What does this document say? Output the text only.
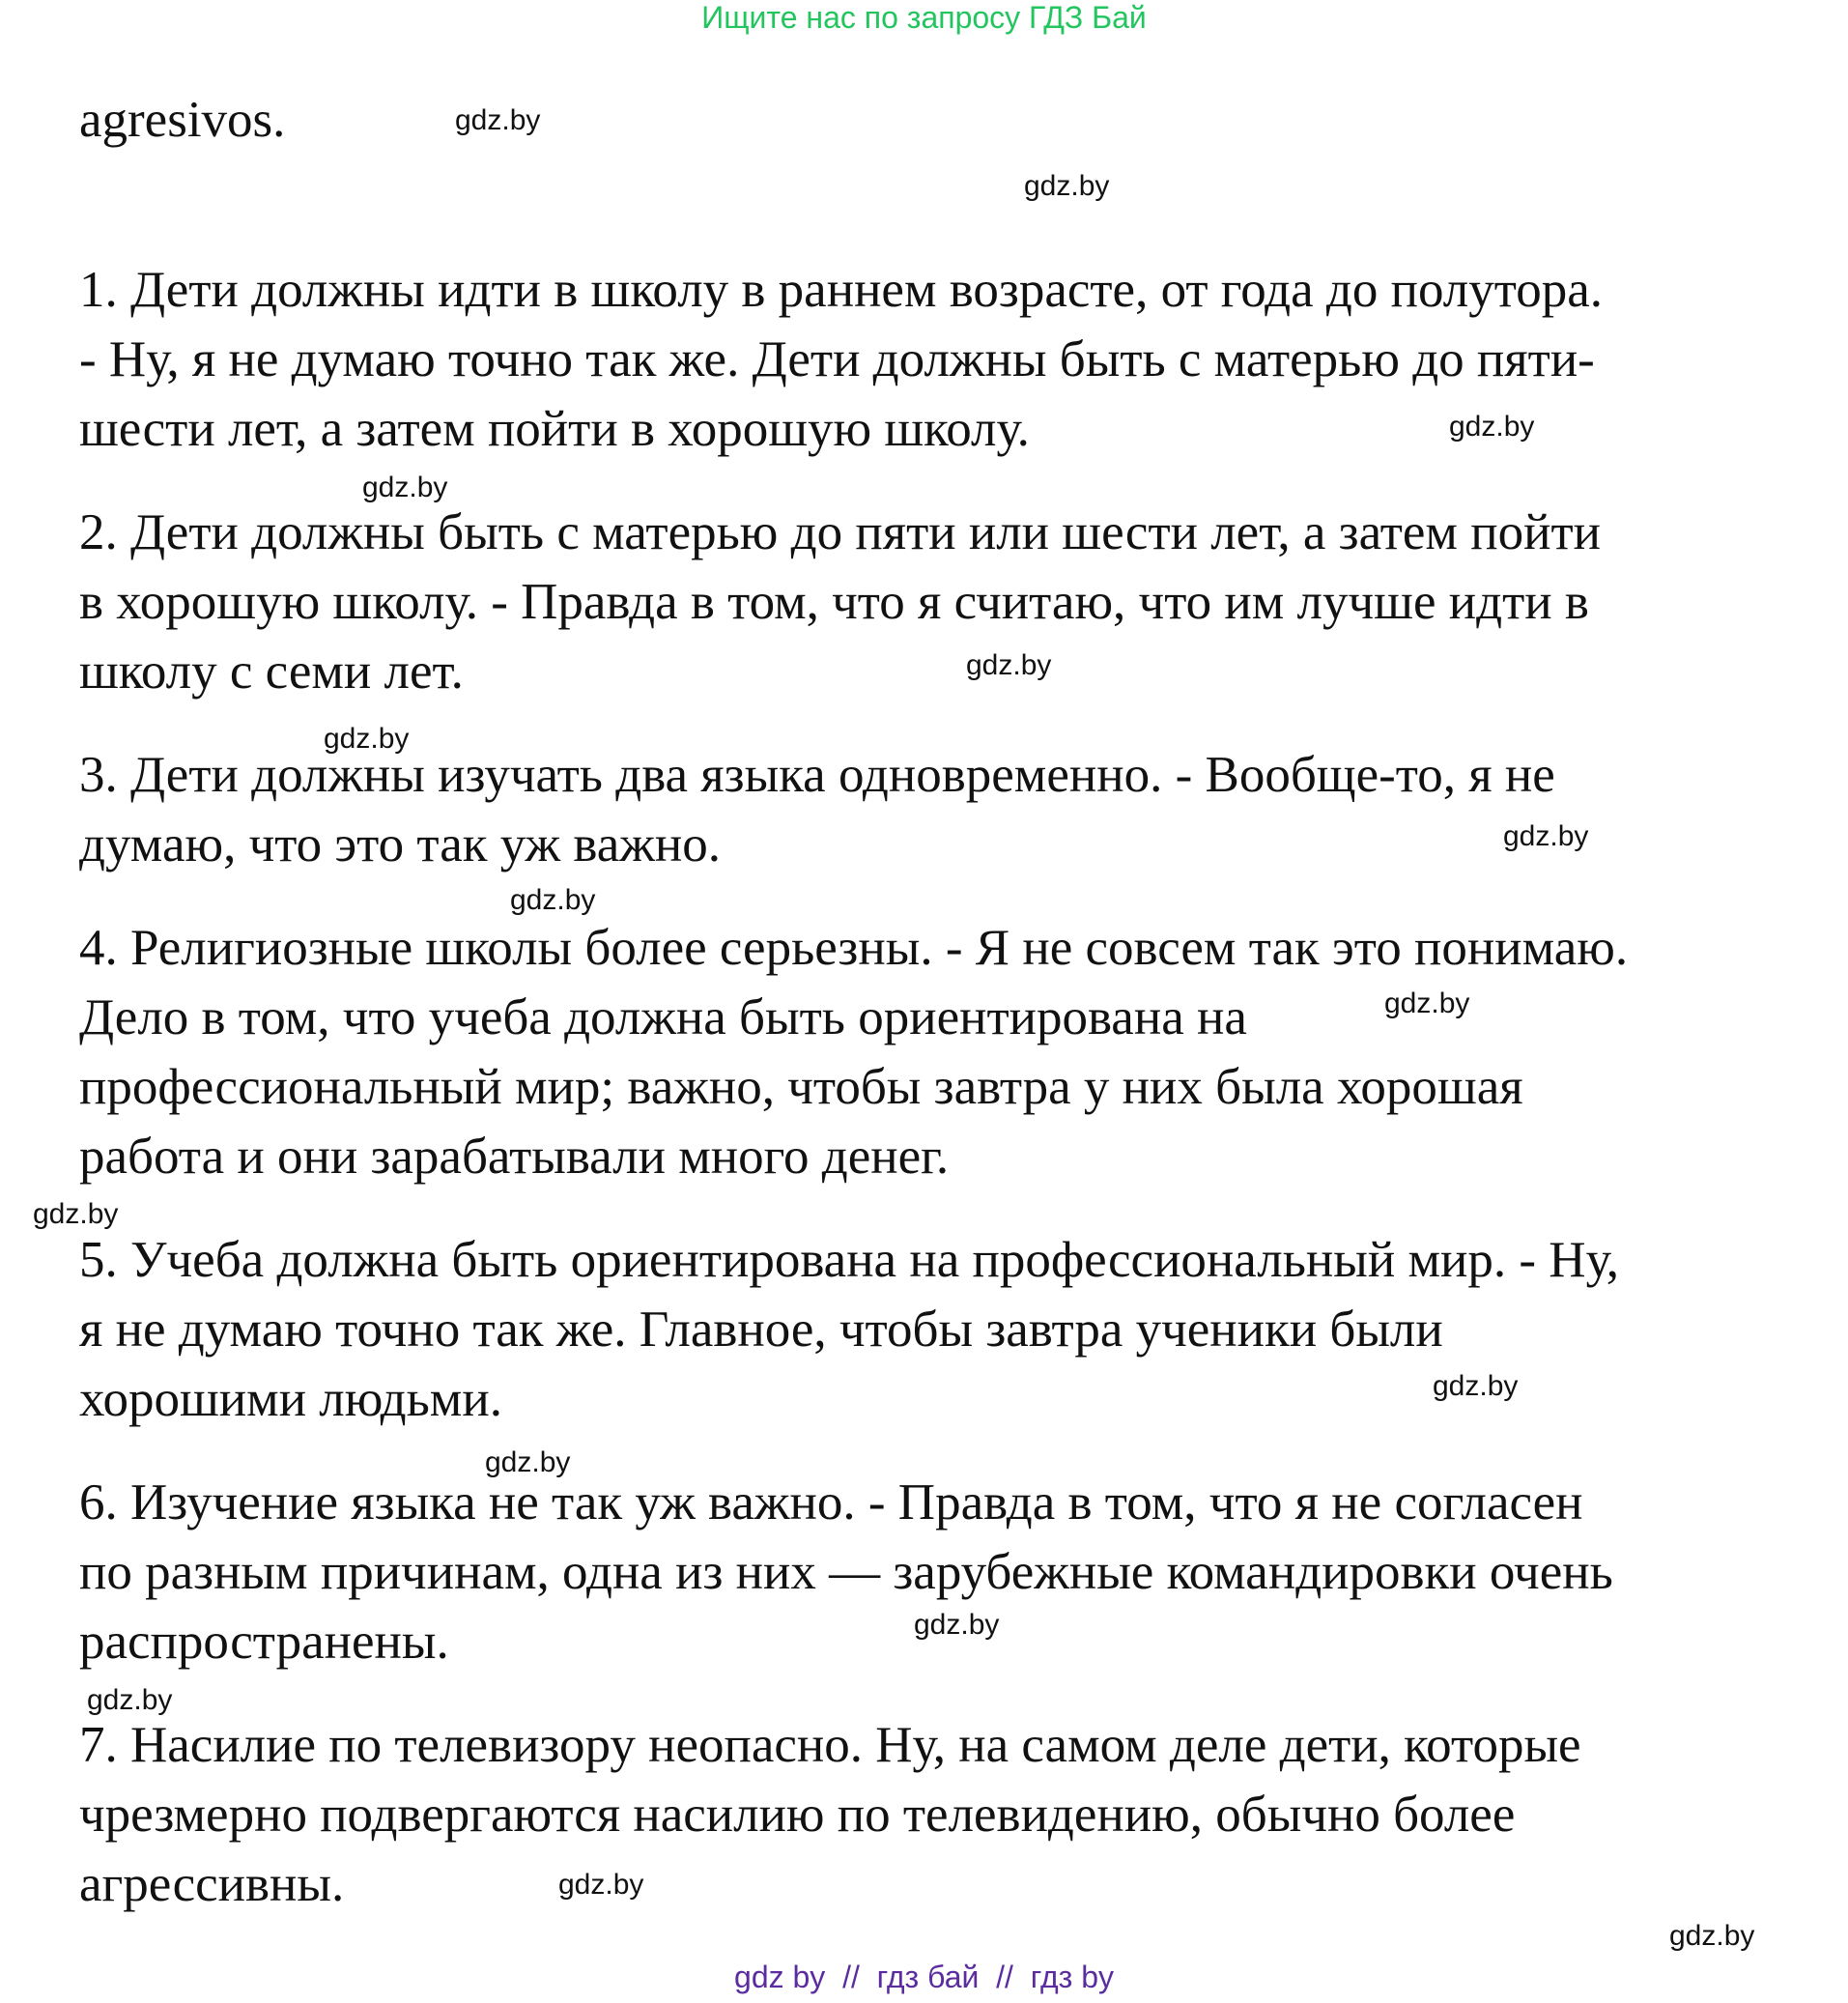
Ищите нас по запросу ГДЗ Бай
agresivos.
1. Дети должны идти в школу в раннем возрасте, от года до полутора.
- Ну, я не думаю точно так же. Дети должны быть с матерью до пяти-
шести лет, а затем пойти в хорошую школу.
2. Дети должны быть с матерью до пяти или шести лет, а затем пойти
в хорошую школу. - Правда в том, что я считаю, что им лучше идти в
школу с семи лет.
3. Дети должны изучать два языка одновременно. - Вообще-то, я не
думаю, что это так уж важно.
4. Религиозные школы более серьезны. - Я не совсем так это понимаю.
Дело в том, что учеба должна быть ориентирована на
профессиональный мир; важно, чтобы завтра у них была хорошая
работа и они зарабатывали много денег.
5. Учеба должна быть ориентирована на профессиональный мир. - Ну,
я не думаю точно так же. Главное, чтобы завтра ученики были
хорошими людьми.
6. Изучение языка не так уж важно. - Правда в том, что я не согласен
по разным причинам, одна из них — зарубежные командировки очень
распространены.
7. Насилие по телевизору неопасно. Ну, на самом деле дети, которые
чрезмерно подвергаются насилию по телевидению, обычно более
агрессивны.
gdz.by
gdz.by
gdz.by
gdz.by
gdz.by
gdz.by
gdz.by
gdz.by
gdz.by
gdz.by
gdz.by
gdz.by
gdz.by
gdz.by
gdz.by
gdz.by
gdz by  //  гдз бай  //  гдз by
